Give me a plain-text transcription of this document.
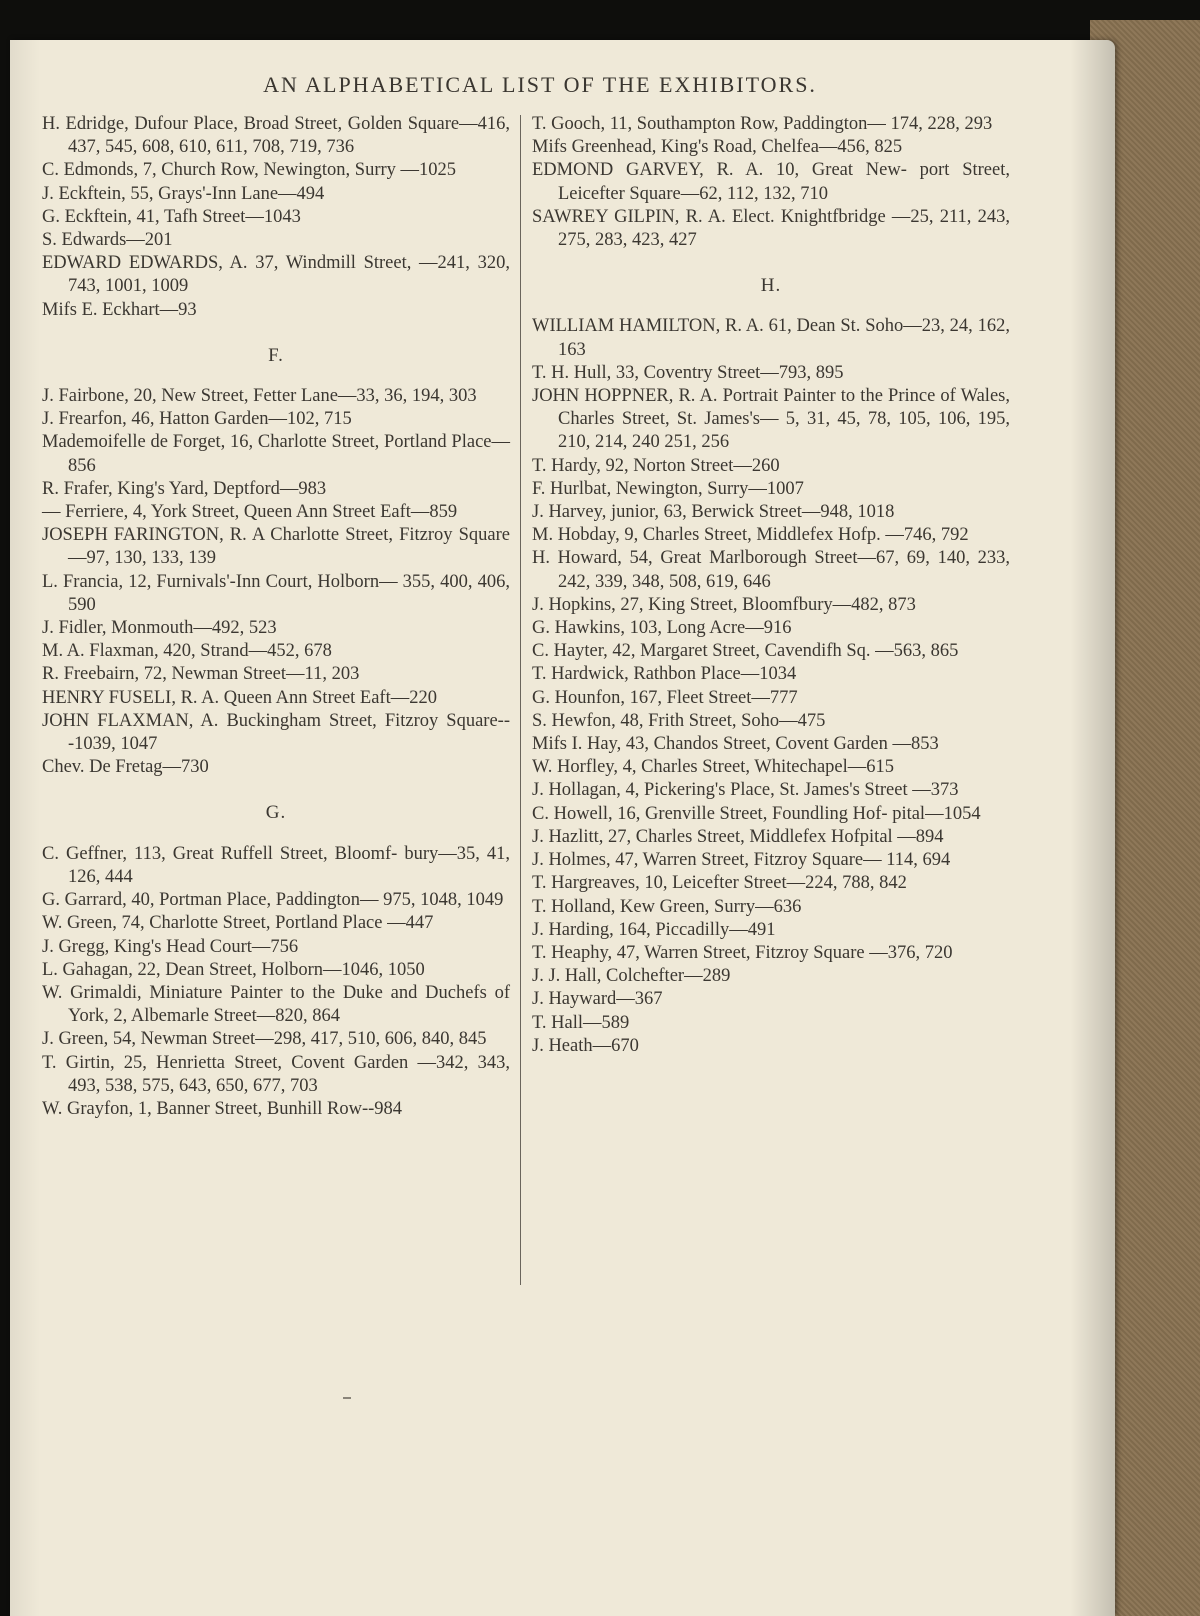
AN ALPHABETICAL LIST OF THE EXHIBITORS.

H. Edridge, Dufour Place, Broad Street, Golden Square—416, 437, 545, 608, 610, 611, 708, 719, 736

C. Edmonds, 7, Church Row, Newington, Surry —1025

J. Eckftein, 55, Grays'-Inn Lane—494

G. Eckftein, 41, Tafh Street—1043

S. Edwards—201

EDWARD EDWARDS, A. 37, Windmill Street, —241, 320, 743, 1001, 1009

Mifs E. Eckhart—93

F.

J. Fairbone, 20, New Street, Fetter Lane—33, 36, 194, 303

J. Frearfon, 46, Hatton Garden—102, 715

Mademoifelle de Forget, 16, Charlotte Street, Portland Place—856

R. Frafer, King's Yard, Deptford—983

— Ferriere, 4, York Street, Queen Ann Street Eaft—859

JOSEPH FARINGTON, R. A Charlotte Street, Fitzroy Square—97, 130, 133, 139

L. Francia, 12, Furnivals'-Inn Court, Holborn— 355, 400, 406, 590

J. Fidler, Monmouth—492, 523

M. A. Flaxman, 420, Strand—452, 678

R. Freebairn, 72, Newman Street—11, 203

HENRY FUSELI, R. A. Queen Ann Street Eaft—220

JOHN FLAXMAN, A. Buckingham Street, Fitzroy Square---1039, 1047

Chev. De Fretag—730

G.

C. Geffner, 113, Great Ruffell Street, Bloomf- bury—35, 41, 126, 444

G. Garrard, 40, Portman Place, Paddington— 975, 1048, 1049

W. Green, 74, Charlotte Street, Portland Place —447

J. Gregg, King's Head Court—756

L. Gahagan, 22, Dean Street, Holborn—1046, 1050

W. Grimaldi, Miniature Painter to the Duke and Duchefs of York, 2, Albemarle Street—820, 864

J. Green, 54, Newman Street—298, 417, 510, 606, 840, 845

T. Girtin, 25, Henrietta Street, Covent Garden —342, 343, 493, 538, 575, 643, 650, 677, 703

W. Grayfon, 1, Banner Street, Bunhill Row--984

T. Gooch, 11, Southampton Row, Paddington— 174, 228, 293

Mifs Greenhead, King's Road, Chelfea—456, 825

EDMOND GARVEY, R. A. 10, Great New- port Street, Leicefter Square—62, 112, 132, 710

SAWREY GILPIN, R. A. Elect. Knightfbridge —25, 211, 243, 275, 283, 423, 427

H.

WILLIAM HAMILTON, R. A. 61, Dean St. Soho—23, 24, 162, 163

T. H. Hull, 33, Coventry Street—793, 895

JOHN HOPPNER, R. A. Portrait Painter to the Prince of Wales, Charles Street, St. James's— 5, 31, 45, 78, 105, 106, 195, 210, 214, 240 251, 256

T. Hardy, 92, Norton Street—260

F. Hurlbat, Newington, Surry—1007

J. Harvey, junior, 63, Berwick Street—948, 1018

M. Hobday, 9, Charles Street, Middlefex Hofp. —746, 792

H. Howard, 54, Great Marlborough Street—67, 69, 140, 233, 242, 339, 348, 508, 619, 646

J. Hopkins, 27, King Street, Bloomfbury—482, 873

G. Hawkins, 103, Long Acre—916

C. Hayter, 42, Margaret Street, Cavendifh Sq. —563, 865

T. Hardwick, Rathbon Place—1034

G. Hounfon, 167, Fleet Street—777

S. Hewfon, 48, Frith Street, Soho—475

Mifs I. Hay, 43, Chandos Street, Covent Garden —853

W. Horfley, 4, Charles Street, Whitechapel—615

J. Hollagan, 4, Pickering's Place, St. James's Street —373

C. Howell, 16, Grenville Street, Foundling Hof- pital—1054

J. Hazlitt, 27, Charles Street, Middlefex Hofpital —894

J. Holmes, 47, Warren Street, Fitzroy Square— 114, 694

T. Hargreaves, 10, Leicefter Street—224, 788, 842

T. Holland, Kew Green, Surry—636

J. Harding, 164, Piccadilly—491

T. Heaphy, 47, Warren Street, Fitzroy Square —376, 720

J. J. Hall, Colchefter—289

J. Hayward—367

T. Hall—589

J. Heath—670
